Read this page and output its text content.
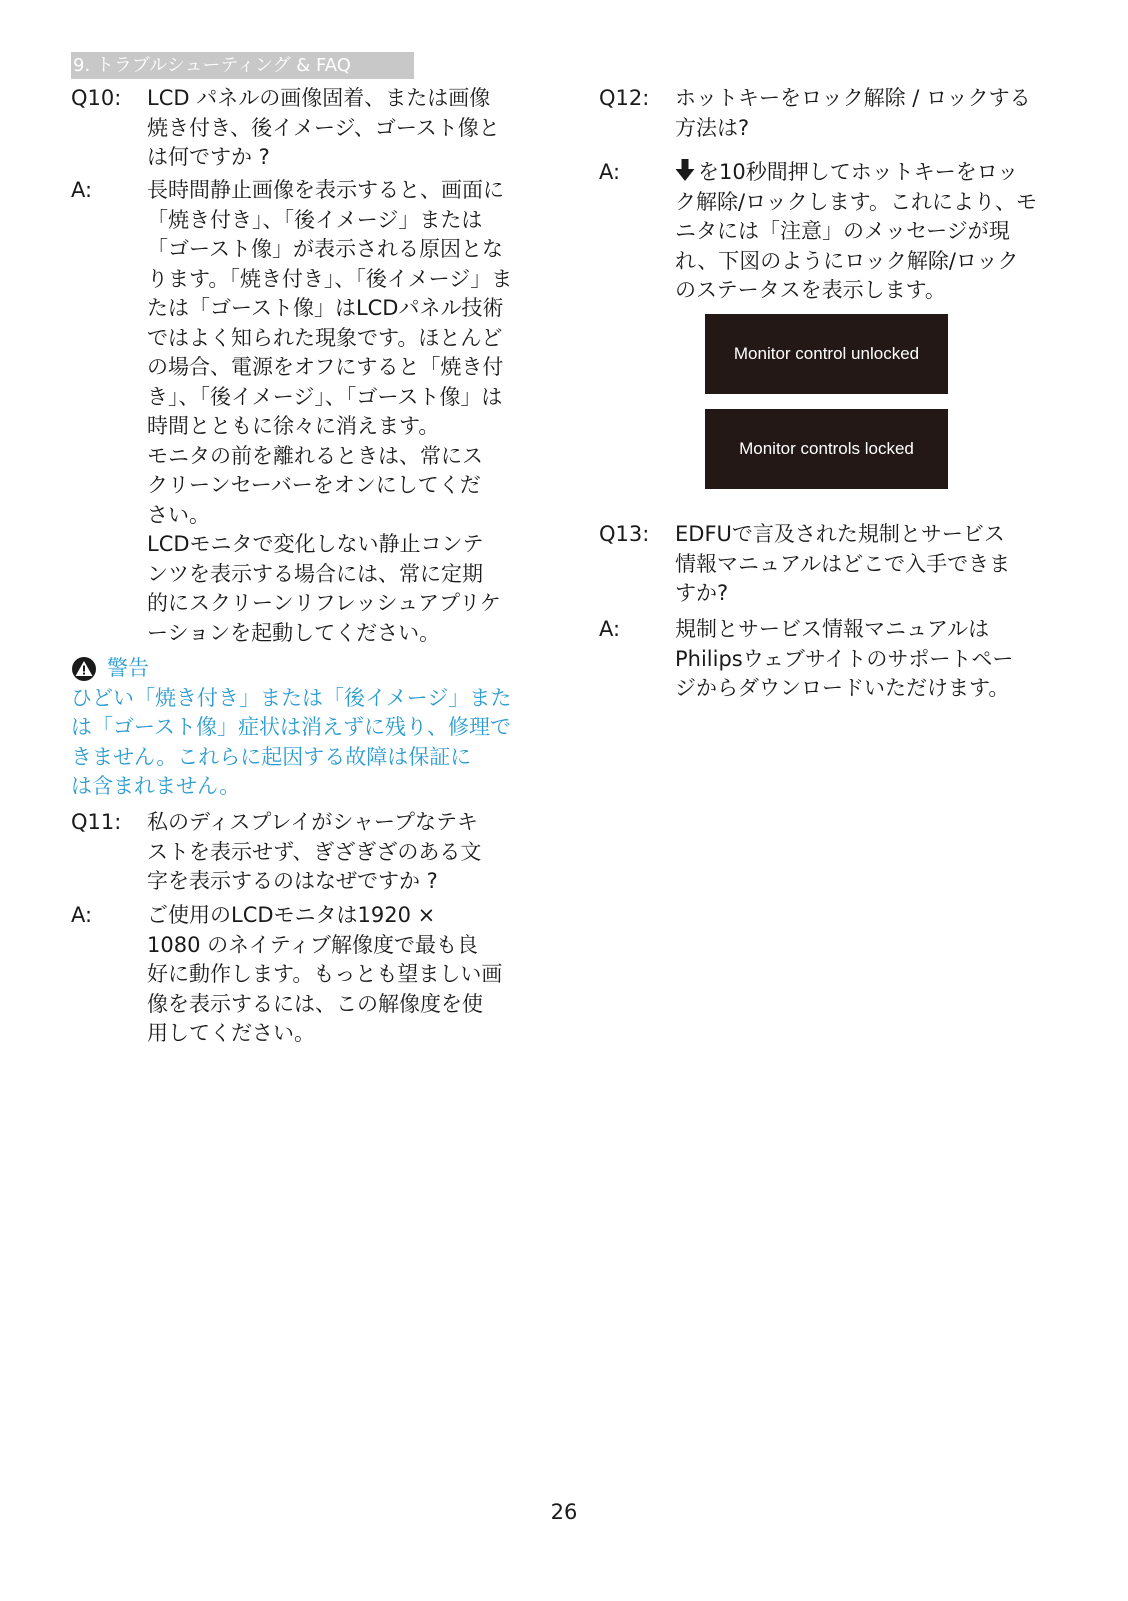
9. トラブルシューティング & FAQ
Q10: LCD パネルの画像固着、または画像
焼き付き、後イメージ、ゴースト像と
は何ですか ?
A:	長時間静止画像を表示すると、画面に
「焼き付き」、「後イメージ」または
「ゴースト像」が表示される原因とな
ります。「焼き付き」、「後イメージ」ま
たは「ゴースト像」はLCDパネル技術
ではよく知られた現象です。ほとんど
の場合、電源をオフにすると「焼き付
き」、「後イメージ」、「ゴースト像」は
時間とともに徐々に消えます。
モニタの前を離れるときは、常にス
クリーンセーバーをオンにしてくだ
さい。
LCDモニタで変化しない静止コンテ
ンツを表示する場合には、常に定期
的にスクリーンリフレッシュアプリケ
ーションを起動してください。
警告
ひどい「焼き付き」または「後イメージ」また
は「ゴースト像」症状は消えずに残り、修理で
きません。これらに起因する故障は保証に
は含まれません。
Q11: 私のディスプレイがシャープなテキ
ストを表示せず、ぎざぎざのある文
字を表示するのはなぜですか ?
A:	ご使用のLCDモニタは1920 ×
1080 のネイティブ解像度で最も良
好に動作します。もっとも望ましい画
像を表示するには、この解像度を使
用してください。
Q12: ホットキーをロック解除 / ロックする
方法は?
A:	を10秒間押してホットキーをロッ
ク解除/ロックします。これにより、モ
ニタには「注意」のメッセージが現
れ、下図のようにロック解除/ロック
のステータスを表示します。
Monitor control unlocked
Monitor controls locked
Q13: EDFUで言及された規制とサービス
情報マニュアルはどこで入手できま
すか?
A:	規制とサービス情報マニュアルは
Philipsウェブサイトのサポートペー
ジからダウンロードいただけます。
26
